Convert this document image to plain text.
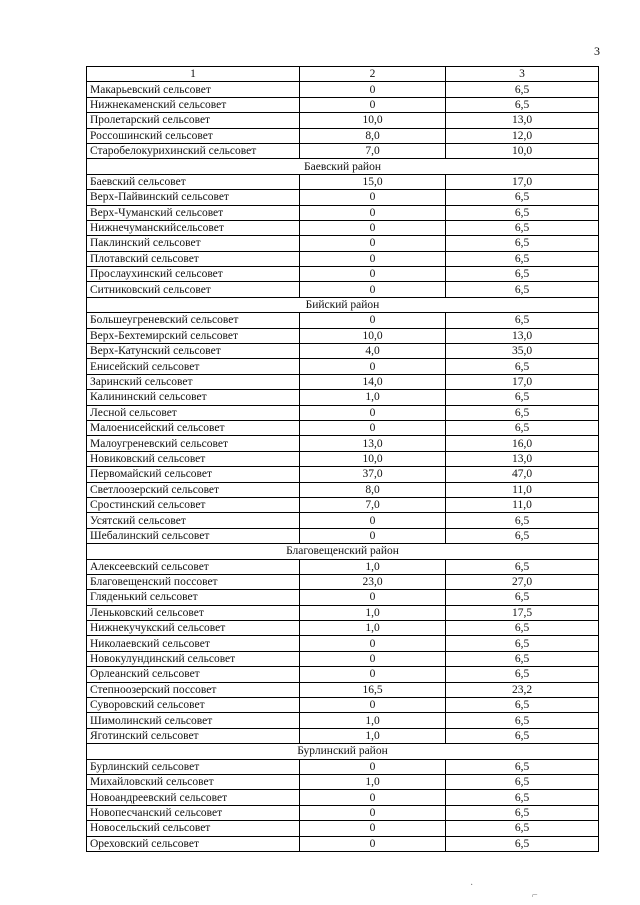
3
1	2	3
Макарьевский сельсовет	0	6,5
Нижнекаменский сельсовет	0	6,5
Пролетарский сельсовет	10,0	13,0
Россошинский сельсовет	8,0	12,0
Старобелокурихинский сельсовет	7,0	10,0
Баевский район		
Баевский сельсовет	15,0	17,0
Верх-Пайвинский сельсовет	0	6,5
Верх-Чуманский сельсовет	0	6,5
Нижнечуманскийсельсовет	0	6,5
Паклинский сельсовет	0	6,5
Плотавский сельсовет	0	6,5
Прослаухинский сельсовет	0	6,5
Ситниковский сельсовет	0	6,5
Бийский район		
Большеугреневский сельсовет	0	6,5
Верх-Бехтемирский сельсовет	10,0	13,0
Верх-Катунский сельсовет	4,0	35,0
Енисейский сельсовет	0	6,5
Заринский сельсовет	14,0	17,0
Калининский сельсовет	1,0	6,5
Лесной сельсовет	0	6,5
Малоенисейский сельсовет	0	6,5
Малоугреневский сельсовет	13,0	16,0
Новиковский сельсовет	10,0	13,0
Первомайский сельсовет	37,0	47,0
Светлоозерский сельсовет	8,0	11,0
Сростинский сельсовет	7,0	11,0
Усятский сельсовет	0	6,5
Шебалинский сельсовет	0	6,5
Благовещенский район		
Алексеевский сельсовет	1,0	6,5
Благовещенский поссовет	23,0	27,0
Гляденький сельсовет	0	6,5
Леньковский сельсовет	1,0	17,5
Нижнекучукский сельсовет	1,0	6,5
Николаевский сельсовет	0	6,5
Новокулундинский сельсовет	0	6,5
Орлеанский сельсовет	0	6,5
Степноозерский поссовет	16,5	23,2
Суворовский сельсовет	0	6,5
Шимолинский сельсовет	1,0	6,5
Яготинский сельсовет	1,0	6,5
Бурлинский район		
Бурлинский сельсовет	0	6,5
Михайловский сельсовет	1,0	6,5
Новоандреевский сельсовет	0	6,5
Новопесчанский сельсовет	0	6,5
Новосельский сельсовет	0	6,5
Ореховский сельсовет	0	6,5
·
⌐
